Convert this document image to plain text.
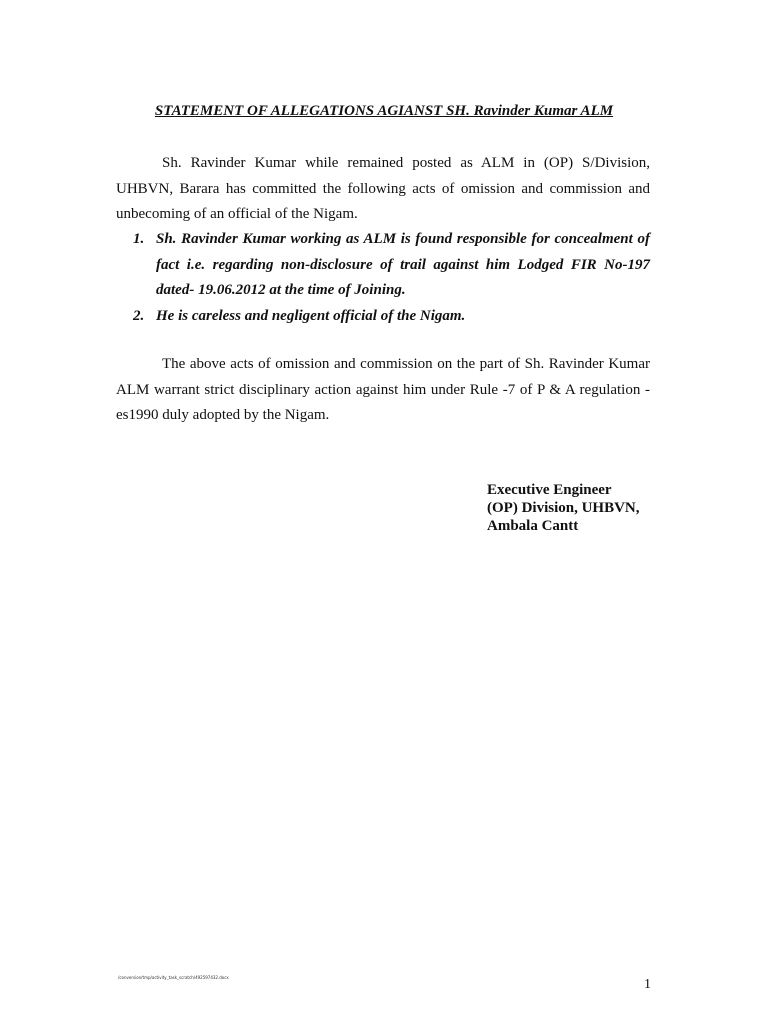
STATEMENT OF ALLEGATIONS AGIANST SH. Ravinder Kumar ALM

Sh. Ravinder Kumar while remained posted as ALM in (OP) S/Division, UHBVN, Barara has committed the following acts of omission and commission and unbecoming of an official of the Nigam.

1. Sh. Ravinder Kumar working as ALM is found responsible for concealment of fact i.e. regarding non-disclosure of trail against him Lodged FIR No-197 dated- 19.06.2012 at the time of Joining.
2. He is careless and negligent official of the Nigam.

The above acts of omission and commission on the part of Sh. Ravinder Kumar ALM warrant strict disciplinary action against him under Rule -7 of P & A regulation -es1990 duly adopted by the Nigam.

Executive Engineer
(OP) Division, UHBVN,
Ambala Cantt
/conversion/tmp/activity_task_scratch/492597432.docx	1
